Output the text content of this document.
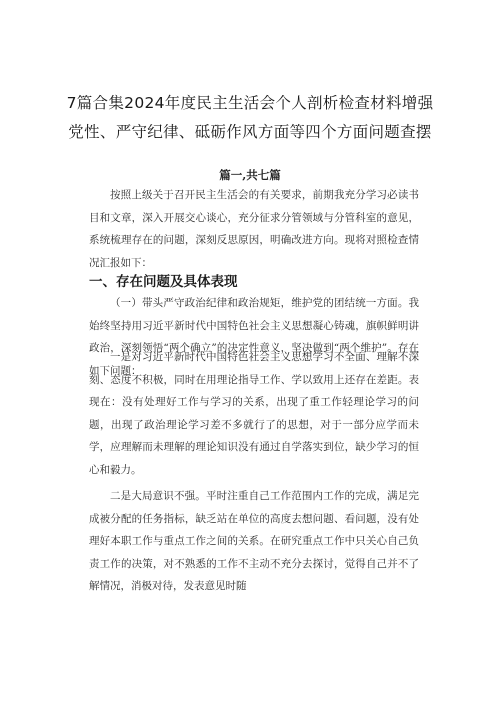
7篇合集2024年度民主生活会个人剖析检查材料增强
党性、严守纪律、砥砺作风方面等四个方面问题查摆
篇一,共七篇

按照上级关于召开民主生活会的有关要求，前期我充分学习必读书目和文章，深入开展交心谈心，充分征求分管领域与分管科室的意见，系统梳理存在的问题，深刻反思原因，明确改进方向。现将对照检查情况汇报如下：

一、存在问题及具体表现

（一）带头严守政治纪律和政治规矩，维护党的团结统一方面。我始终坚持用习近平新时代中国特色社会主义思想凝心铸魂，旗帜鲜明讲政治，深刻领悟“两个确立”的决定性意义，坚决做到“两个维护”。存在如下问题：

一是对习近平新时代中国特色社会主义思想学习不全面、理解不深刻、态度不积极，同时在用理论指导工作、学以致用上还存在差距。表现在：没有处理好工作与学习的关系，出现了重工作轻理论学习的问题，出现了政治理论学习差不多就行了的思想，对于一部分应学而未学，应理解而未理解的理论知识没有通过自学落实到位，缺少学习的恒心和毅力。

二是大局意识不强。平时注重自己工作范围内工作的完成，满足完成被分配的任务指标，缺乏站在单位的高度去想问题、看问题，没有处理好本职工作与重点工作之间的关系。在研究重点工作中只关心自己负责工作的决策，对不熟悉的工作不主动不充分去探讨，觉得自己并不了解情况，消极对待，发表意见时随
